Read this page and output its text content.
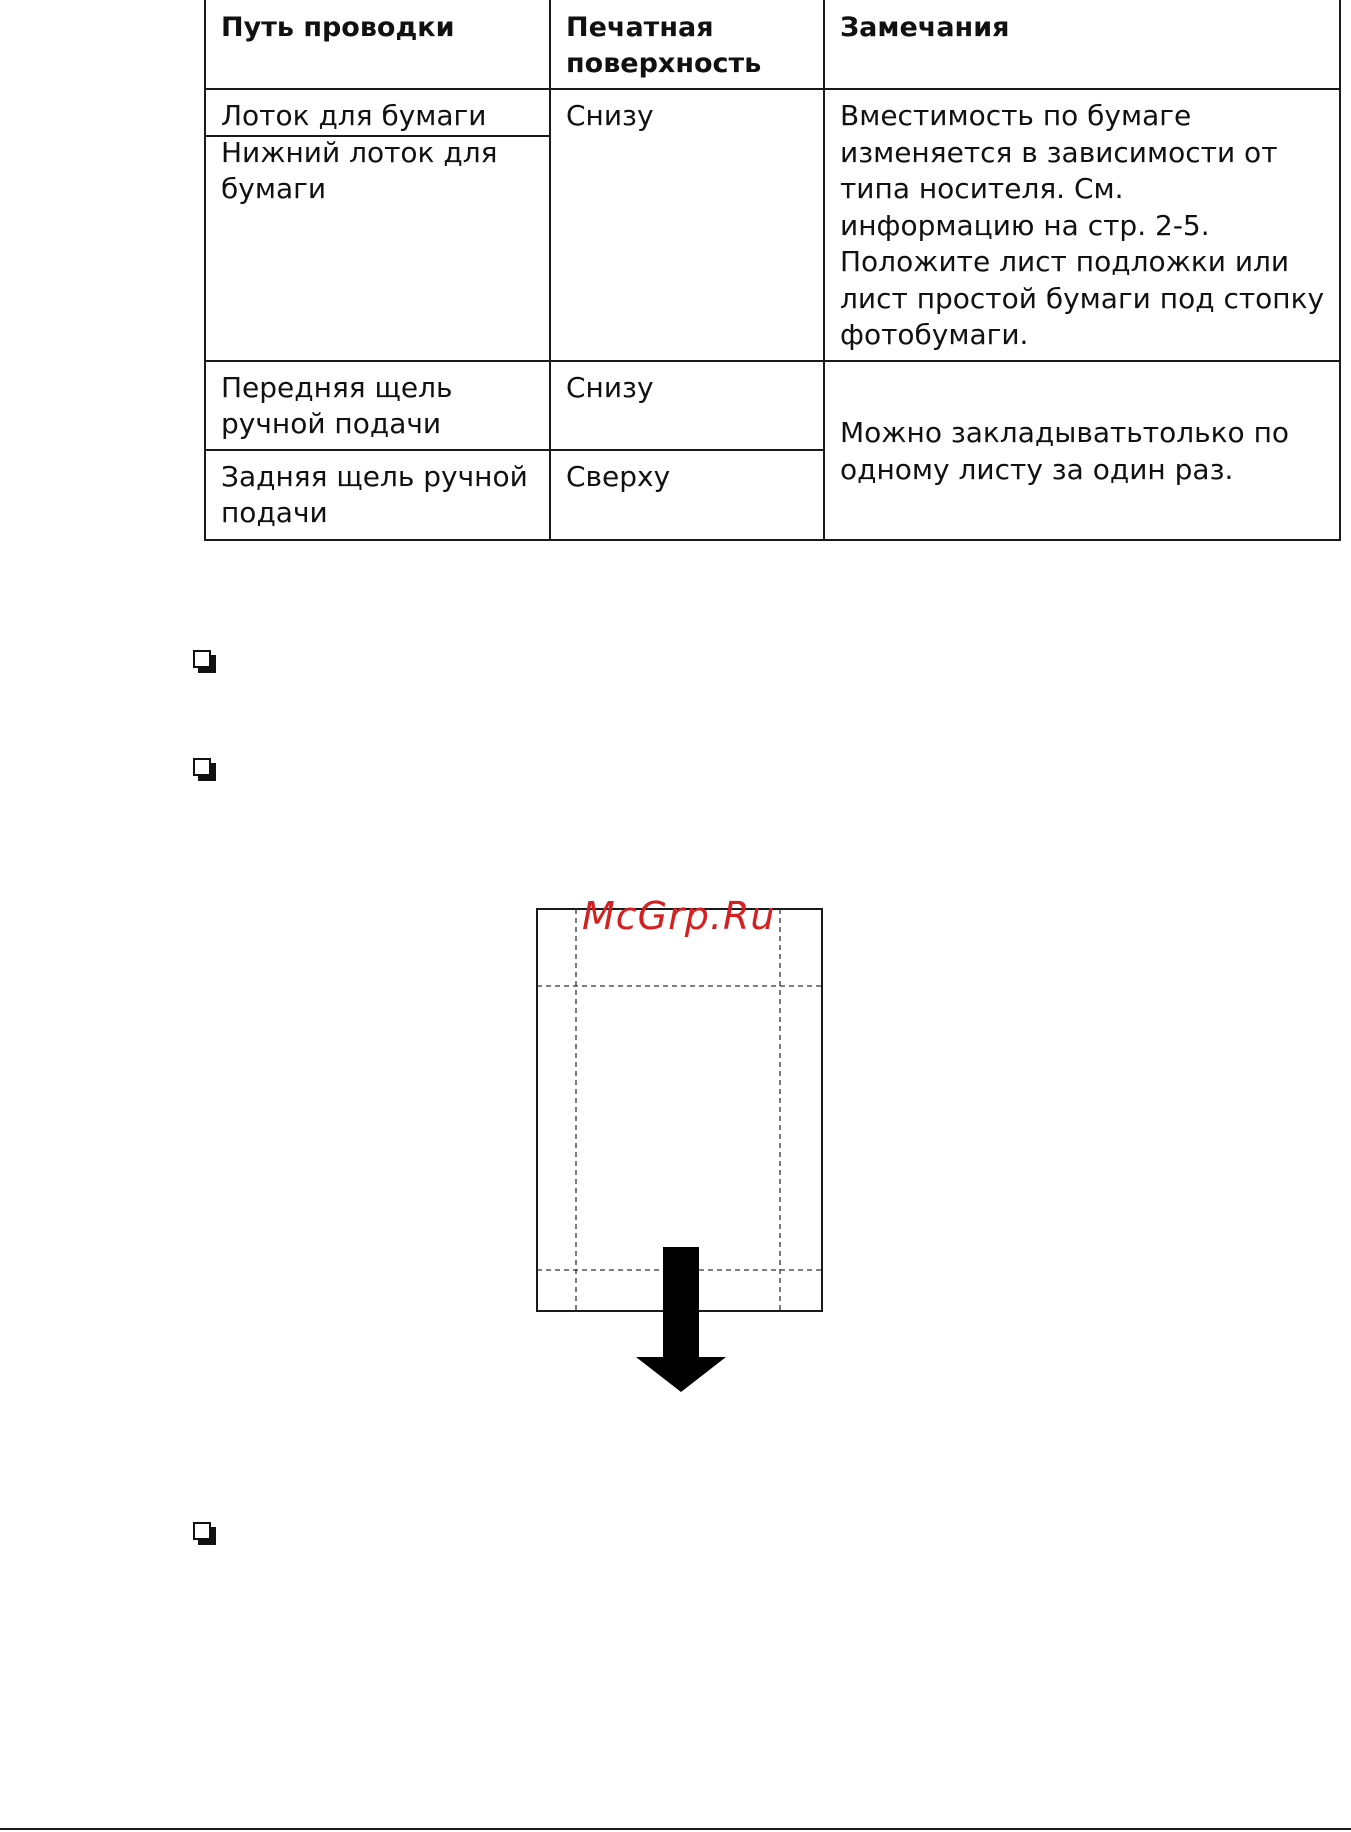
Путь проводки	Печатная
поверхность
Замечания
Лоток для бумаги
Нижний лоток для
бумаги
Снизу	Вместимость по бумаге
изменяется в зависимости от
типа носителя. См.
информацию на стр. 2-5.
Положите лист подложки или
лист простой бумаги под стопку
фотобумаги.
Передняя щель
ручной подачи
Снизу
Задняя щель ручной
подачи
Сверху
Можно закладыватьтолько по
одному листу за один раз.
McGrp.Ru
